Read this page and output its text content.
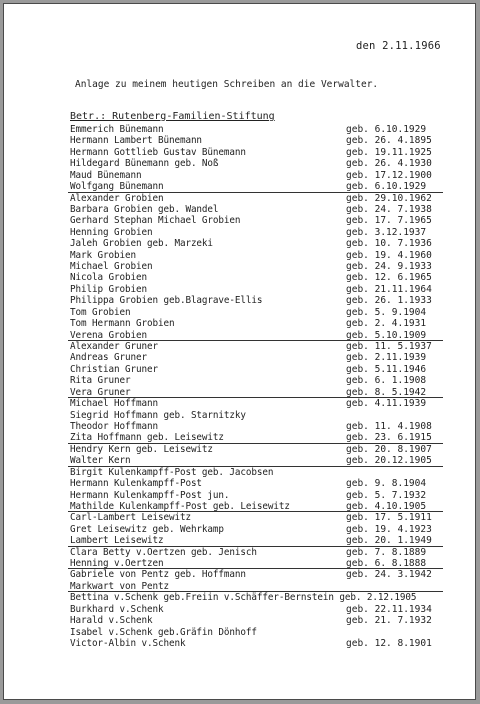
den 2.11.1966
Anlage zu meinem heutigen Schreiben an die Verwalter.
Betr.: Rutenberg-Familien-Stiftung
Emmerich Bünemann	geb. 6.10.1929
Hermann Lambert Bünemann	geb. 26. 4.1895
Hermann Gottlieb Gustav Bünemann	geb. 19.11.1925
Hildegard Bünemann geb. Noß	geb. 26. 4.1930
Maud Bünemann	geb. 17.12.1900
Wolfgang Bünemann	geb. 6.10.1929
Alexander Grobien	geb. 29.10.1962
Barbara Grobien geb. Wandel	geb. 24. 7.1938
Gerhard Stephan Michael Grobien	geb. 17. 7.1965
Henning Grobien	geb. 3.12.1937
Jaleh Grobien geb. Marzeki	geb. 10. 7.1936
Mark Grobien	geb. 19. 4.1960
Michael Grobien	geb. 24. 9.1933
Nicola Grobien	geb. 12. 6.1965
Philip Grobien	geb. 21.11.1964
Philippa Grobien geb.Blagrave-Ellis	geb. 26. 1.1933
Tom Grobien	geb. 5. 9.1904
Tom Hermann Grobien	geb. 2. 4.1931
Verena Grobien	geb. 5.10.1909
Alexander Gruner	geb. 11. 5.1937
Andreas Gruner	geb. 2.11.1939
Christian Gruner	geb. 5.11.1946
Rita Gruner	geb. 6. 1.1908
Vera Gruner	geb. 8. 5.1942
Michael Hoffmann	geb. 4.11.1939
Siegrid Hoffmann geb. Starnitzky
Theodor Hoffmann	geb. 11. 4.1908
Zita Hoffmann geb. Leisewitz	geb. 23. 6.1915
Hendry Kern geb. Leisewitz	geb. 20. 8.1907
Walter Kern	geb. 20.12.1905
Birgit Kulenkampff-Post geb. Jacobsen
Hermann Kulenkampff-Post	geb. 9. 8.1904
Hermann Kulenkampff-Post jun.	geb. 5. 7.1932
Mathilde Kulenkampff-Post geb. Leisewitz	geb. 4.10.1905
Carl-Lambert Leisewitz	geb. 17. 5.1911
Gret Leisewitz geb. Wehrkamp	geb. 19. 4.1923
Lambert Leisewitz	geb. 20. 1.1949
Clara Betty v.Oertzen geb. Jenisch	geb. 7. 8.1889
Henning v.Oertzen	geb. 6. 8.1888
Gabriele von Pentz geb. Hoffmann	geb. 24. 3.1942
Markwart von Pentz
Bettina v.Schenk geb.Freiin v.Schäffer-Bernstein geb. 2.12.1905
Burkhard v.Schenk	geb. 22.11.1934
Harald v.Schenk	geb. 21. 7.1932
Isabel v.Schenk geb.Gräfin Dönhoff
Victor-Albin v.Schenk	geb. 12. 8.1901
